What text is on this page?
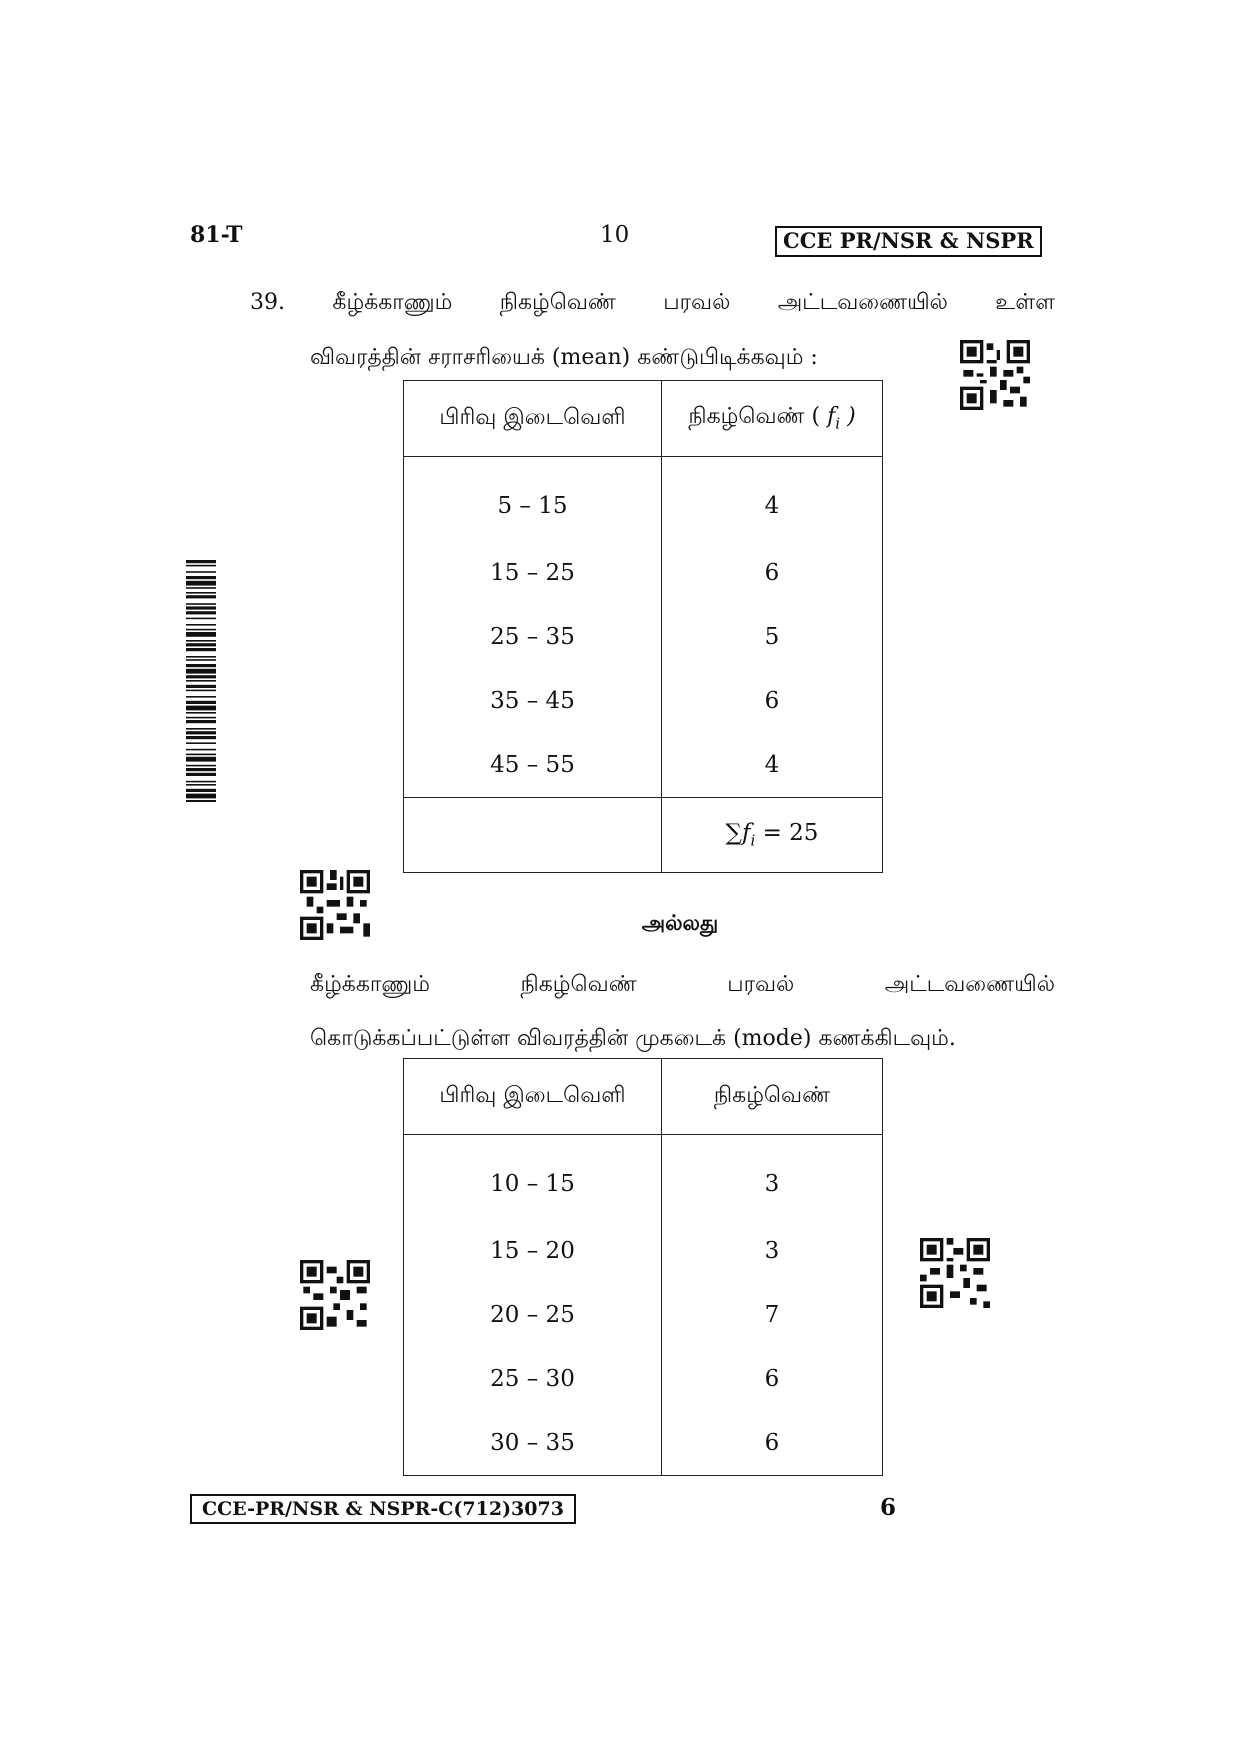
81-T	10	CCE PR/NSR & NSPR
39. கீழ்க்காணும் நிகழ்வெண் பரவல் அட்டவணையில் உள்ள
விவரத்தின் சராசரியைக் (mean) கண்டுபிடிக்கவும் :
பிரிவு இடைவெளி	நிகழ்வெண் ( $f_i$ )
5 – 15	4
15 – 25	6
25 – 35	5
35 – 45	6
45 – 55	4
	$\sum f_i = 25$
அல்லது
கீழ்க்காணும்	நிகழ்வெண்	பரவல்	அட்டவணையில்
கொடுக்கப்பட்டுள்ள விவரத்தின் முகடைக் (mode) கணக்கிடவும்.
பிரிவு இடைவெளி	நிகழ்வெண்
10 – 15	3
15 – 20	3
20 – 25	7
25 – 30	6
30 – 35	6
CCE-PR/NSR & NSPR-C(712)3073	6
